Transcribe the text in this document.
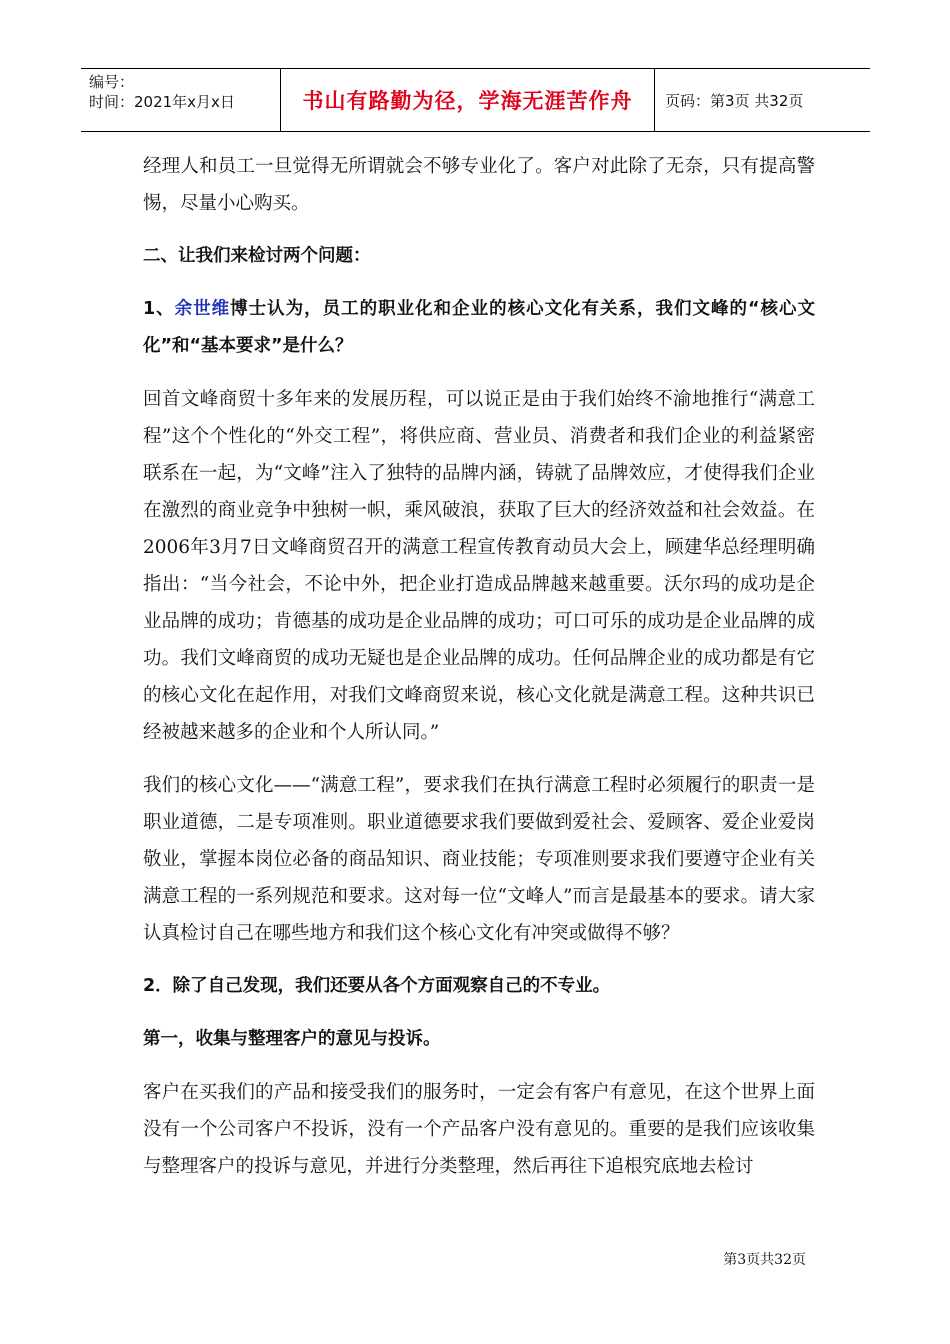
编号：
时间：2021年x月x日	书山有路勤为径，学海无涯苦作舟	页码：第3页 共32页

经理人和员工一旦觉得无所谓就会不够专业化了。客户对此除了无奈，只有提高警惕，尽量小心购买。

二、让我们来检讨两个问题：

1、余世维博士认为，员工的职业化和企业的核心文化有关系，我们文峰的“核心文化”和“基本要求”是什么？

回首文峰商贸十多年来的发展历程，可以说正是由于我们始终不渝地推行“满意工程”这个个性化的“外交工程”，将供应商、营业员、消费者和我们企业的利益紧密联系在一起，为“文峰”注入了独特的品牌内涵，铸就了品牌效应，才使得我们企业在激烈的商业竞争中独树一帜，乘风破浪，获取了巨大的经济效益和社会效益。在2006年3月7日文峰商贸召开的满意工程宣传教育动员大会上，顾建华总经理明确指出：“当今社会，不论中外，把企业打造成品牌越来越重要。沃尔玛的成功是企业品牌的成功；肯德基的成功是企业品牌的成功；可口可乐的成功是企业品牌的成功。我们文峰商贸的成功无疑也是企业品牌的成功。任何品牌企业的成功都是有它的核心文化在起作用，对我们文峰商贸来说，核心文化就是满意工程。这种共识已经被越来越多的企业和个人所认同。”

我们的核心文化——“满意工程”，要求我们在执行满意工程时必须履行的职责一是职业道德，二是专项准则。职业道德要求我们要做到爱社会、爱顾客、爱企业爱岗敬业，掌握本岗位必备的商品知识、商业技能；专项准则要求我们要遵守企业有关满意工程的一系列规范和要求。这对每一位“文峰人”而言是最基本的要求。请大家认真检讨自己在哪些地方和我们这个核心文化有冲突或做得不够？

2．除了自己发现，我们还要从各个方面观察自己的不专业。

第一，收集与整理客户的意见与投诉。

客户在买我们的产品和接受我们的服务时，一定会有客户有意见，在这个世界上面没有一个公司客户不投诉，没有一个产品客户没有意见的。重要的是我们应该收集与整理客户的投诉与意见，并进行分类整理，然后再往下追根究底地去检讨

第3页共32页
